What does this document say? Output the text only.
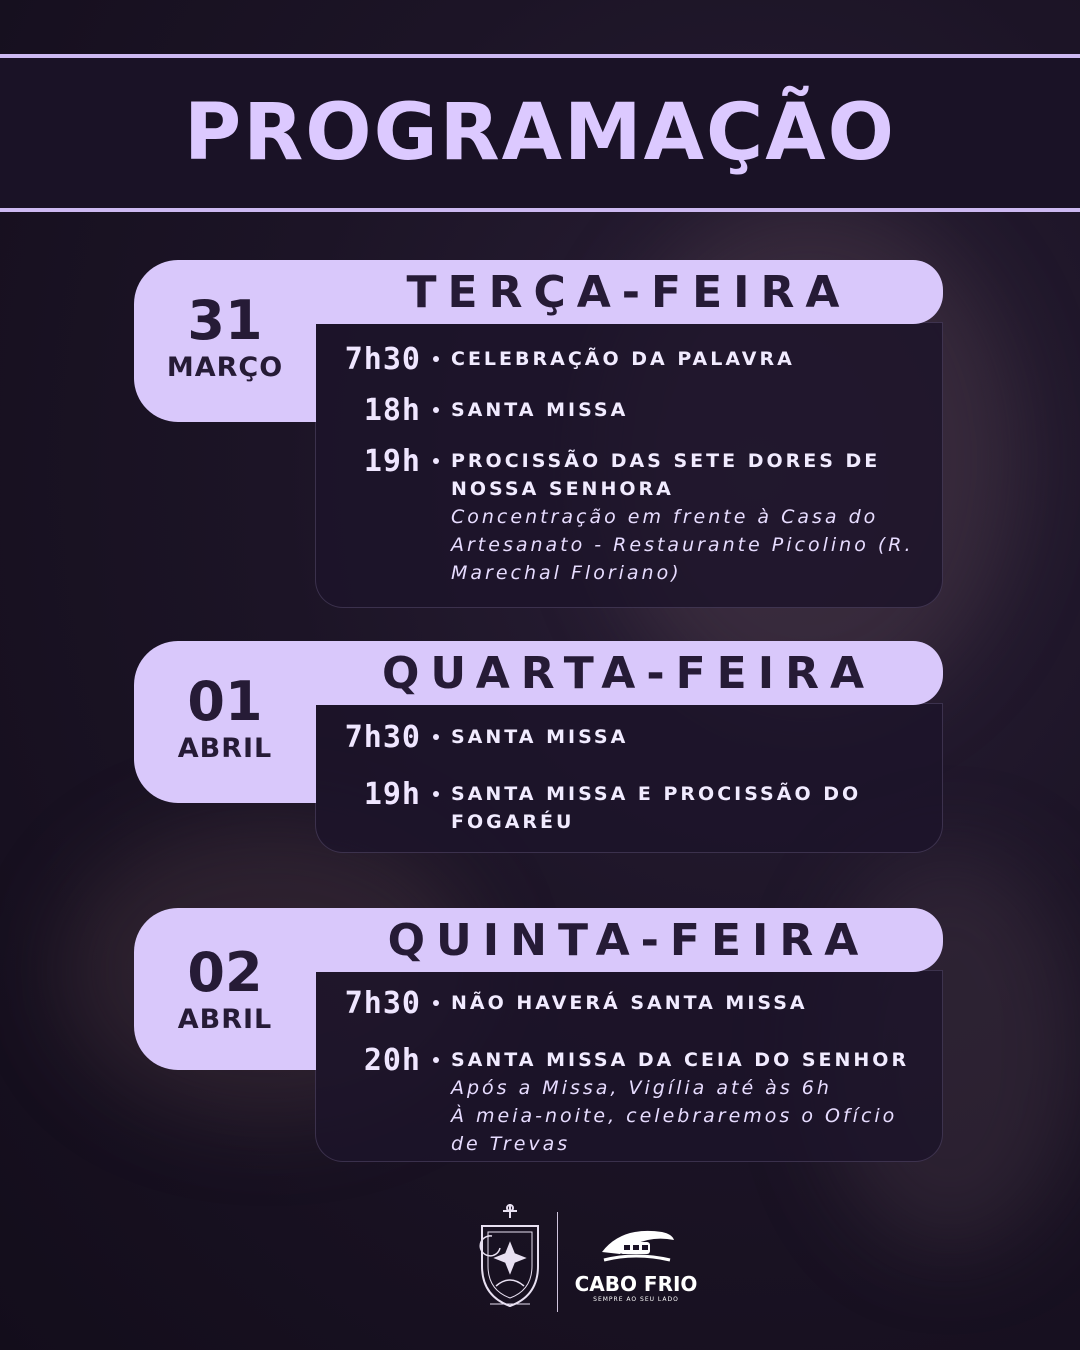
PROGRAMAÇÃO
31
MARÇO
TERÇA-FEIRA
7h30 CELEBRAÇÃO DA PALAVRA
18h SANTA MISSA
19h PROCISSÃO DAS SETE DORES DE NOSSA SENHORA
Concentração em frente à Casa do Artesanato - Restaurante Picolino (R. Marechal Floriano)
01
ABRIL
QUARTA-FEIRA
7h30 SANTA MISSA
19h SANTA MISSA E PROCISSÃO DO FOGARÉU
02
ABRIL
QUINTA-FEIRA
7h30 NÃO HAVERÁ SANTA MISSA
20h SANTA MISSA DA CEIA DO SENHOR
Após a Missa, Vigília até às 6h
À meia-noite, celebraremos o Ofício de Trevas
CABO FRIO
SEMPRE AO SEU LADO
